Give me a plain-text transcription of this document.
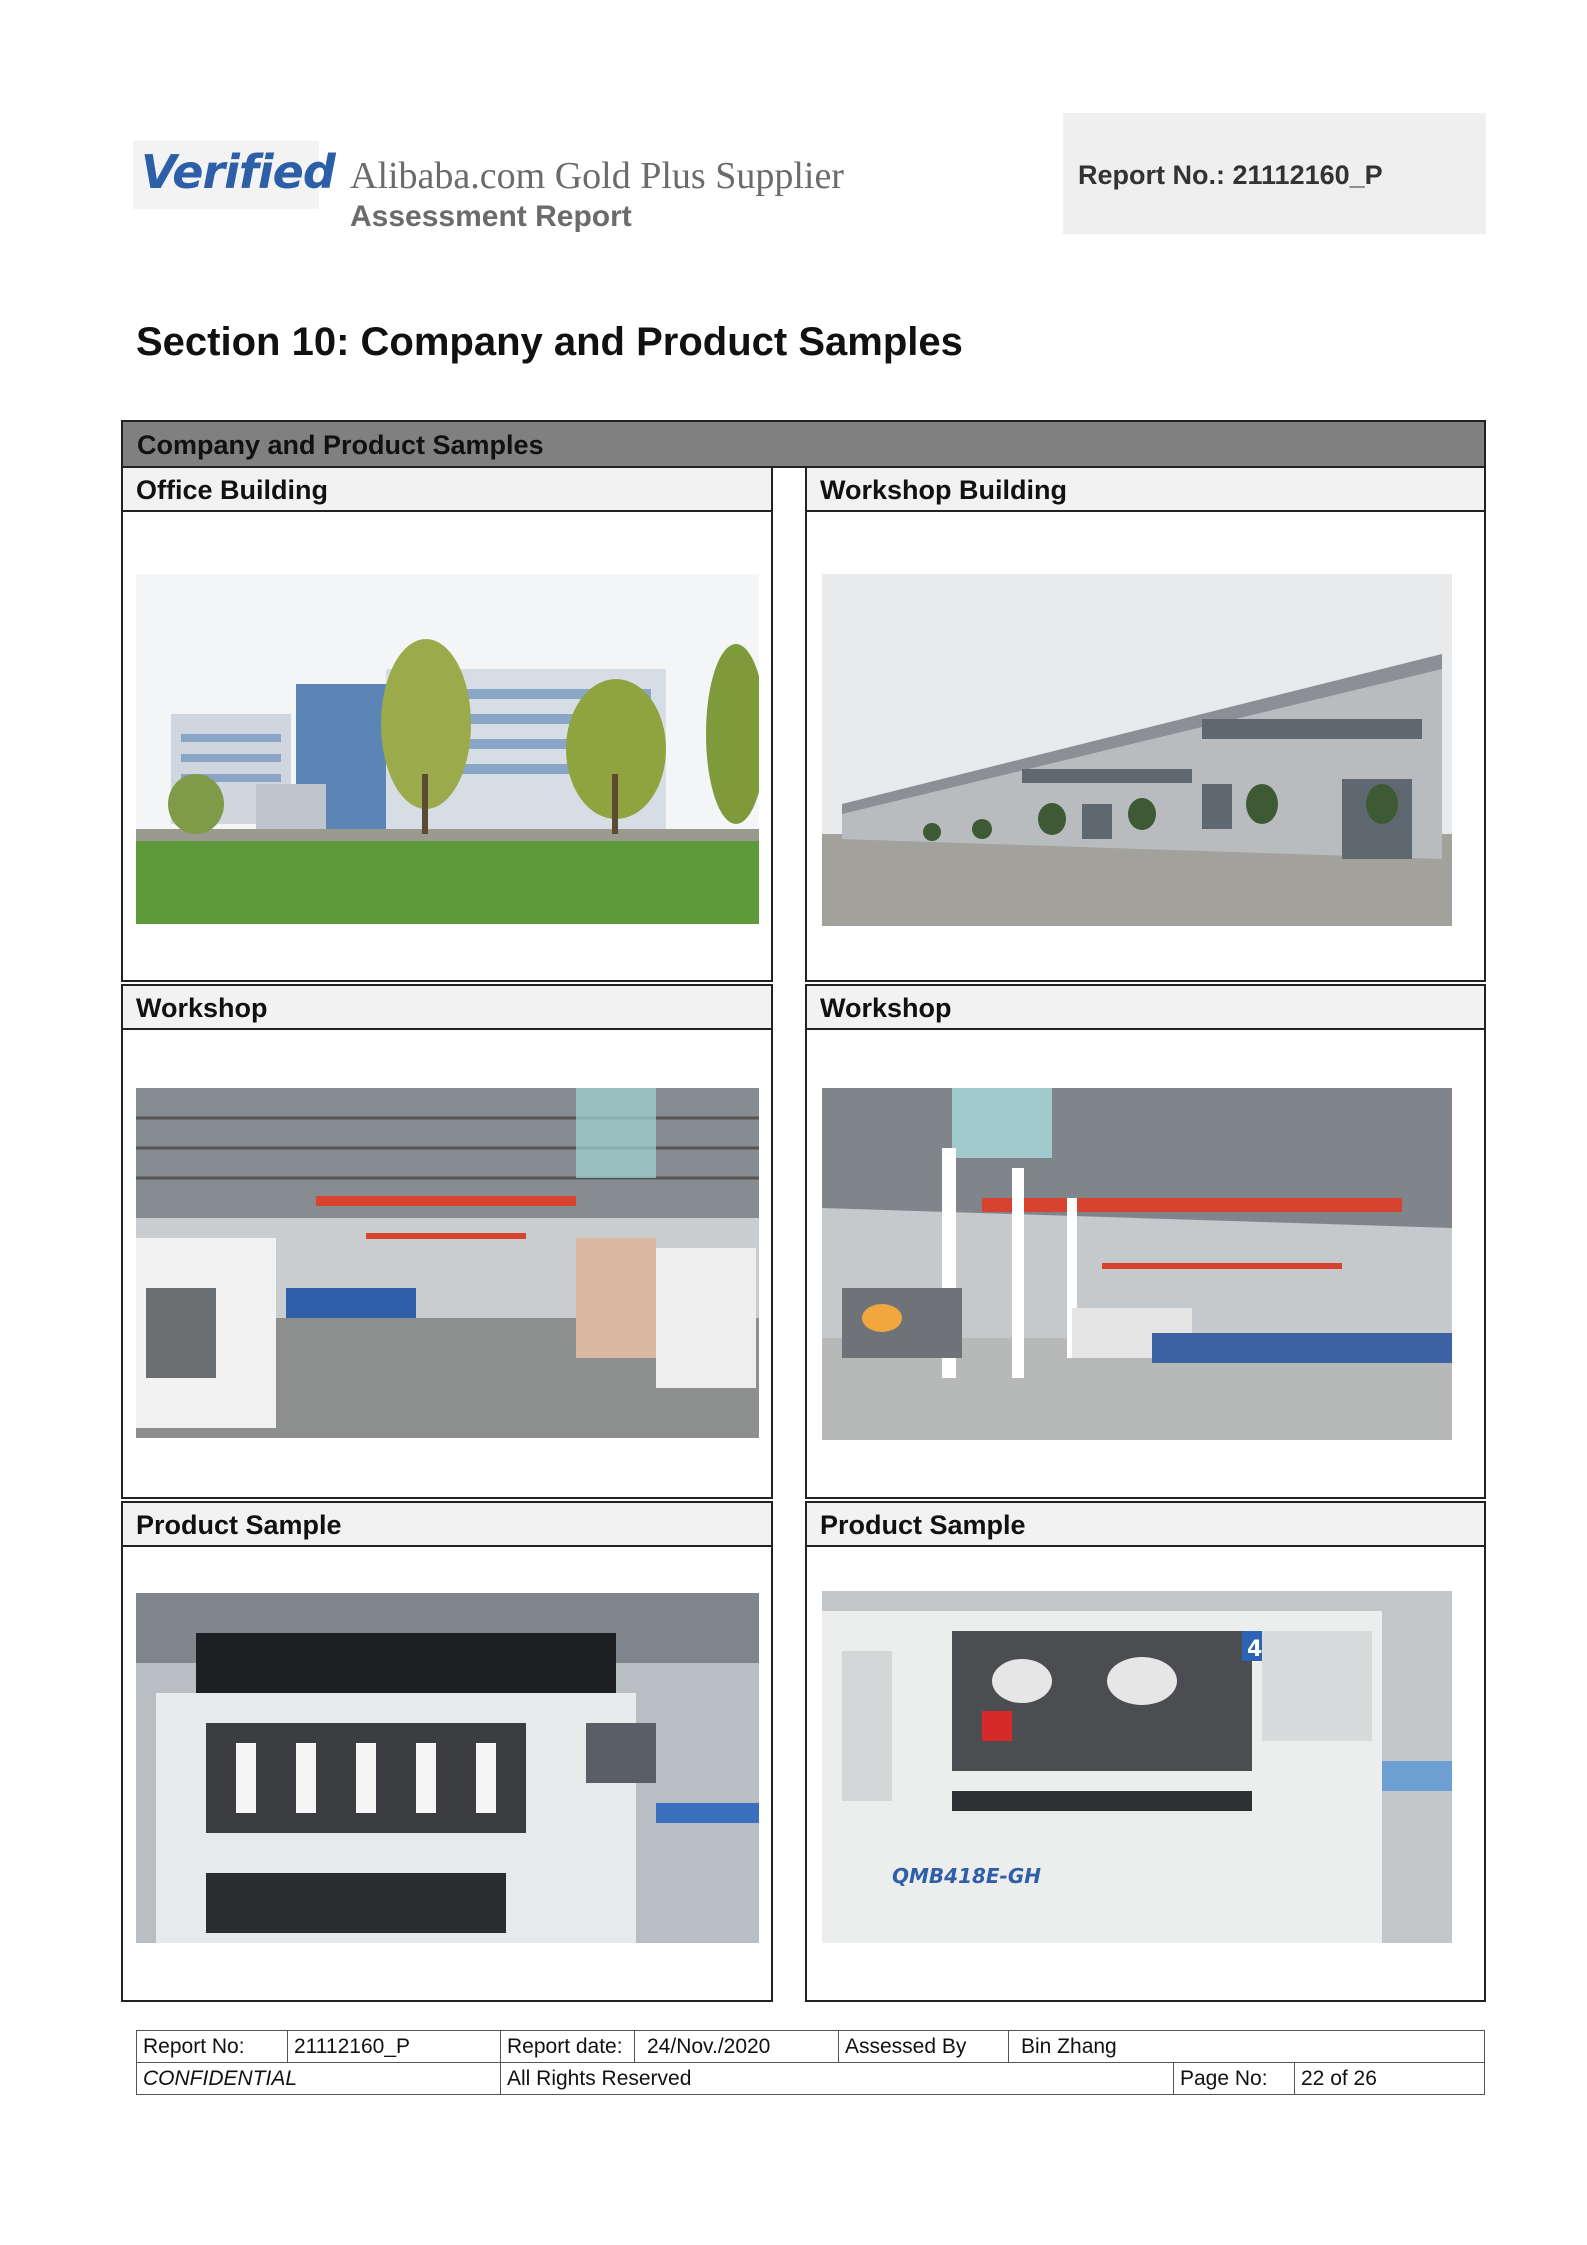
Verified Alibaba.com Gold Plus Supplier
Assessment Report
Report No.: 21112160_P
Section 10: Company and Product Samples
Company and Product Samples
Office Building	Workshop Building
Workshop	Workshop
Product Sample	Product Sample
QMB418E-GH
4
Report No:	21112160_P	Report date:	24/Nov./2020	Assessed By	Bin Zhang
CONFIDENTIAL	All Rights Reserved	Page No:	22 of 26
